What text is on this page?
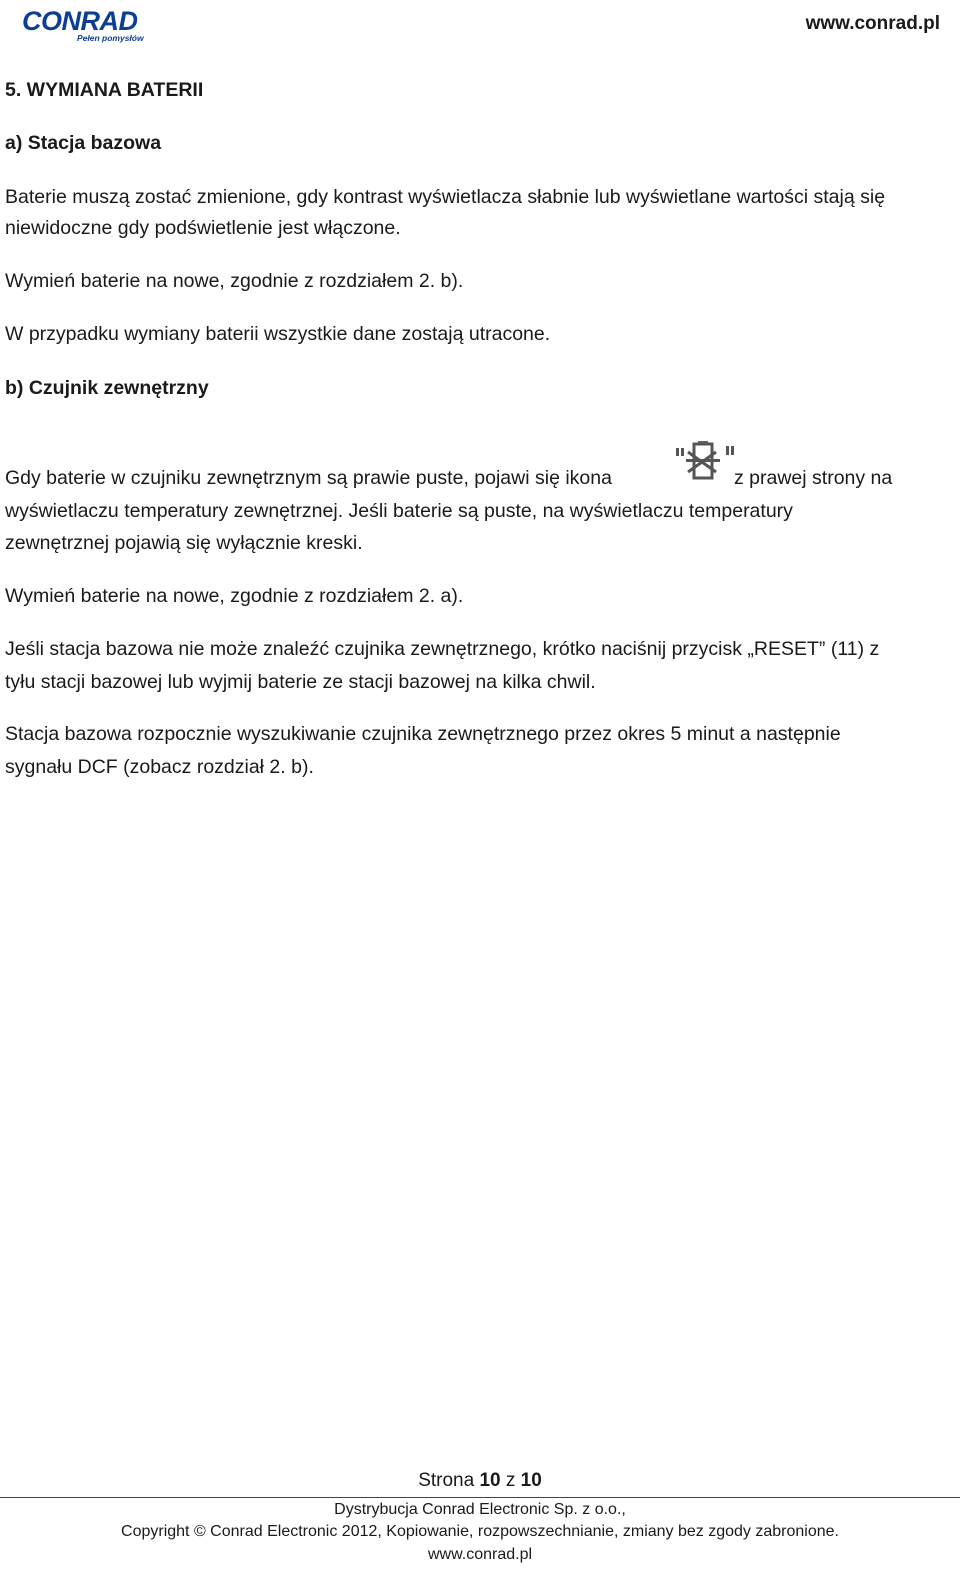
CONRAD
Pełen pomysłów
www.conrad.pl
5. WYMIANA BATERII
a) Stacja bazowa
Baterie muszą zostać zmienione, gdy kontrast wyświetlacza słabnie lub wyświetlane wartości stają się
niewidoczne gdy podświetlenie jest włączone.
Wymień baterie na nowe, zgodnie z rozdziałem 2. b).
W przypadku wymiany baterii wszystkie dane zostają utracone.
b) Czujnik zewnętrzny
Gdy baterie w czujniku zewnętrznym są prawie puste, pojawi się ikona	z prawej strony na
wyświetlaczu temperatury zewnętrznej. Jeśli baterie są puste, na wyświetlaczu temperatury
zewnętrznej pojawią się wyłącznie kreski.
Wymień baterie na nowe, zgodnie z rozdziałem 2. a).
Jeśli stacja bazowa nie może znaleźć czujnika zewnętrznego, krótko naciśnij przycisk „RESET” (11) z
tyłu stacji bazowej lub wyjmij baterie ze stacji bazowej na kilka chwil.
Stacja bazowa rozpocznie wyszukiwanie czujnika zewnętrznego przez okres 5 minut a następnie
sygnału DCF (zobacz rozdział 2. b).
Strona 10 z 10
Dystrybucja Conrad Electronic Sp. z o.o.,
Copyright © Conrad Electronic 2012, Kopiowanie, rozpowszechnianie, zmiany bez zgody zabronione.
www.conrad.pl
